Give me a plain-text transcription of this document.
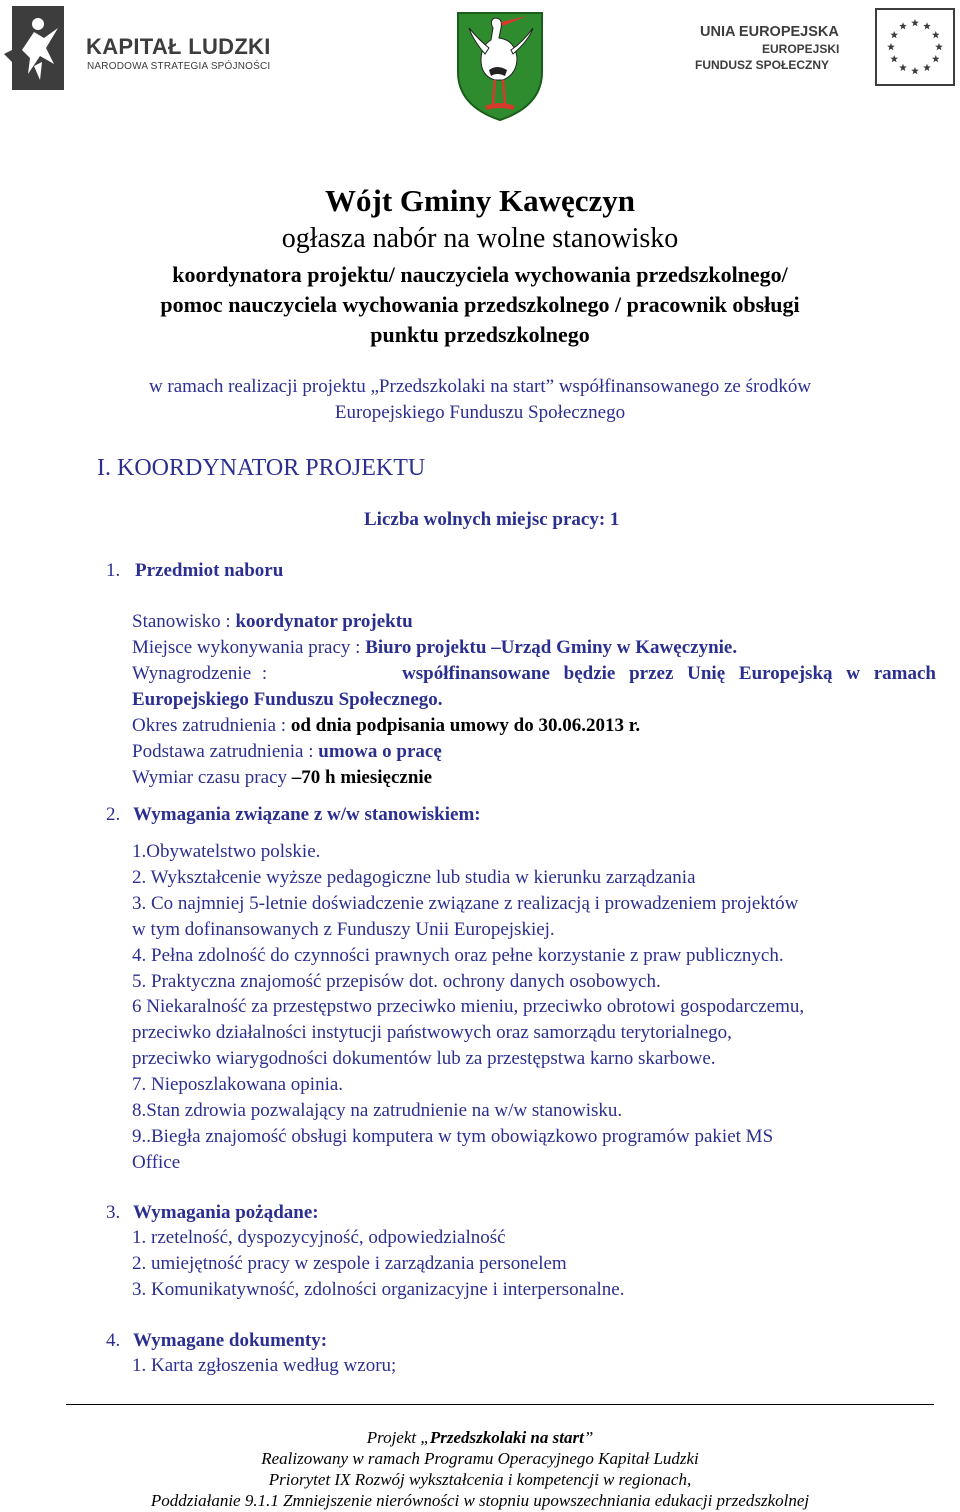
KAPITAŁ LUDZKI
NARODOWA STRATEGIA SPÓJNOŚCI
UNIA EUROPEJSKA
EUROPEJSKI
FUNDUSZ SPOŁECZNY
Wójt Gminy Kawęczyn
ogłasza nabór na wolne stanowisko
koordynatora projektu/ nauczyciela wychowania przedszkolnego/
pomoc nauczyciela wychowania przedszkolnego / pracownik obsługi
punktu przedszkolnego
w ramach realizacji projektu „Przedszkolaki na start” współfinansowanego ze środków
Europejskiego Funduszu Społecznego
I. KOORDYNATOR PROJEKTU
Liczba wolnych miejsc pracy: 1
1. Przedmiot naboru
Stanowisko : koordynator projektu
Miejsce wykonywania pracy : Biuro projektu –Urząd Gminy w Kawęczynie.
Wynagrodzenie :	współfinansowane będzie przez Unię Europejską w ramach
Europejskiego Funduszu Społecznego.
Okres zatrudnienia : od dnia podpisania umowy do 30.06.2013 r.
Podstawa zatrudnienia : umowa o pracę
Wymiar czasu pracy –70 h miesięcznie
2. Wymagania związane z w/w stanowiskiem:
1.Obywatelstwo polskie.
2. Wykształcenie wyższe pedagogiczne lub studia w kierunku zarządzania
3. Co najmniej 5-letnie doświadczenie związane z realizacją i prowadzeniem projektów
w tym dofinansowanych z Funduszy Unii Europejskiej.
4. Pełna zdolność do czynności prawnych oraz pełne korzystanie z praw publicznych.
5. Praktyczna znajomość przepisów dot. ochrony danych osobowych.
6 Niekaralność za przestępstwo przeciwko mieniu, przeciwko obrotowi gospodarczemu,
przeciwko działalności instytucji państwowych oraz samorządu terytorialnego,
przeciwko wiarygodności dokumentów lub za przestępstwa karno skarbowe.
7. Nieposzlakowana opinia.
8.Stan zdrowia pozwalający na zatrudnienie na w/w stanowisku.
9..Biegła znajomość obsługi komputera w tym obowiązkowo programów pakiet MS
Office
3. Wymagania pożądane:
1. rzetelność, dyspozycyjność, odpowiedzialność
2. umiejętność pracy w zespole i zarządzania personelem
3. Komunikatywność, zdolności organizacyjne i interpersonalne.
4. Wymagane dokumenty:
1. Karta zgłoszenia według wzoru;
Projekt „Przedszkolaki na start”
Realizowany w ramach Programu Operacyjnego Kapitał Ludzki
Priorytet IX Rozwój wykształcenia i kompetencji w regionach,
Poddziałanie 9.1.1 Zmniejszenie nierówności w stopniu upowszechniania edukacji przedszkolnej
